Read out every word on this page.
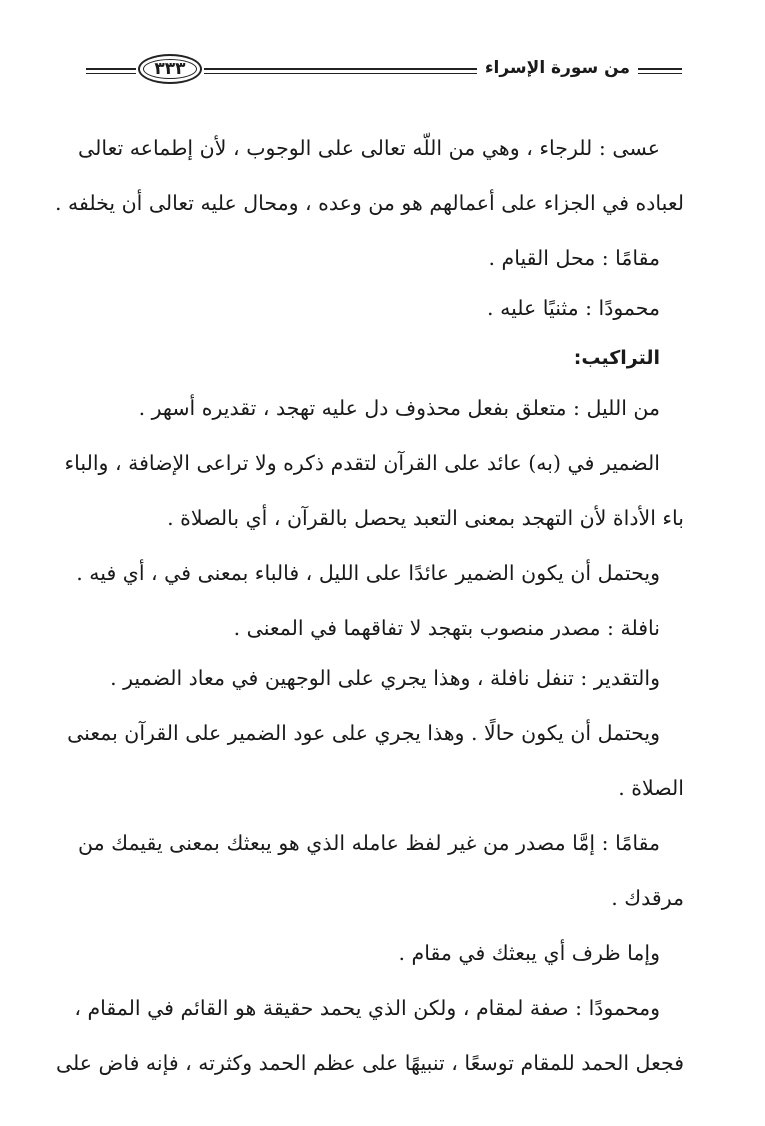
٣٣٣	من سورة الإسراء
عسى : للرجاء ، وهي من اللّه تعالى على الوجوب ، لأن إطماعه تعالى
لعباده في الجزاء على أعمالهم هو من وعده ، ومحال عليه تعالى أن يخلفه .
مقامًا : محل القيام .
محمودًا : مثنيًا عليه .
التراكيب:
من الليل : متعلق بفعل محذوف دل عليه تهجد ، تقديره أسهر .
الضمير في (به) عائد على القرآن لتقدم ذكره ولا تراعى الإضافة ، والباء
باء الأداة لأن التهجد بمعنى التعبد يحصل بالقرآن ، أي بالصلاة .
ويحتمل أن يكون الضمير عائدًا على الليل ، فالباء بمعنى في ، أي فيه .
نافلة : مصدر منصوب بتهجد لا تفاقهما في المعنى .
والتقدير : تنفل نافلة ، وهذا يجري على الوجهين في معاد الضمير .
ويحتمل أن يكون حالًا . وهذا يجري على عود الضمير على القرآن بمعنى
الصلاة .
مقامًا : إمَّا مصدر من غير لفظ عامله الذي هو يبعثك بمعنى يقيمك من
مرقدك .
وإما ظرف أي يبعثك في مقام .
ومحمودًا : صفة لمقام ، ولكن الذي يحمد حقيقة هو القائم في المقام ،
فجعل الحمد للمقام توسعًا ، تنبيهًا على عظم الحمد وكثرته ، فإنه فاض على
